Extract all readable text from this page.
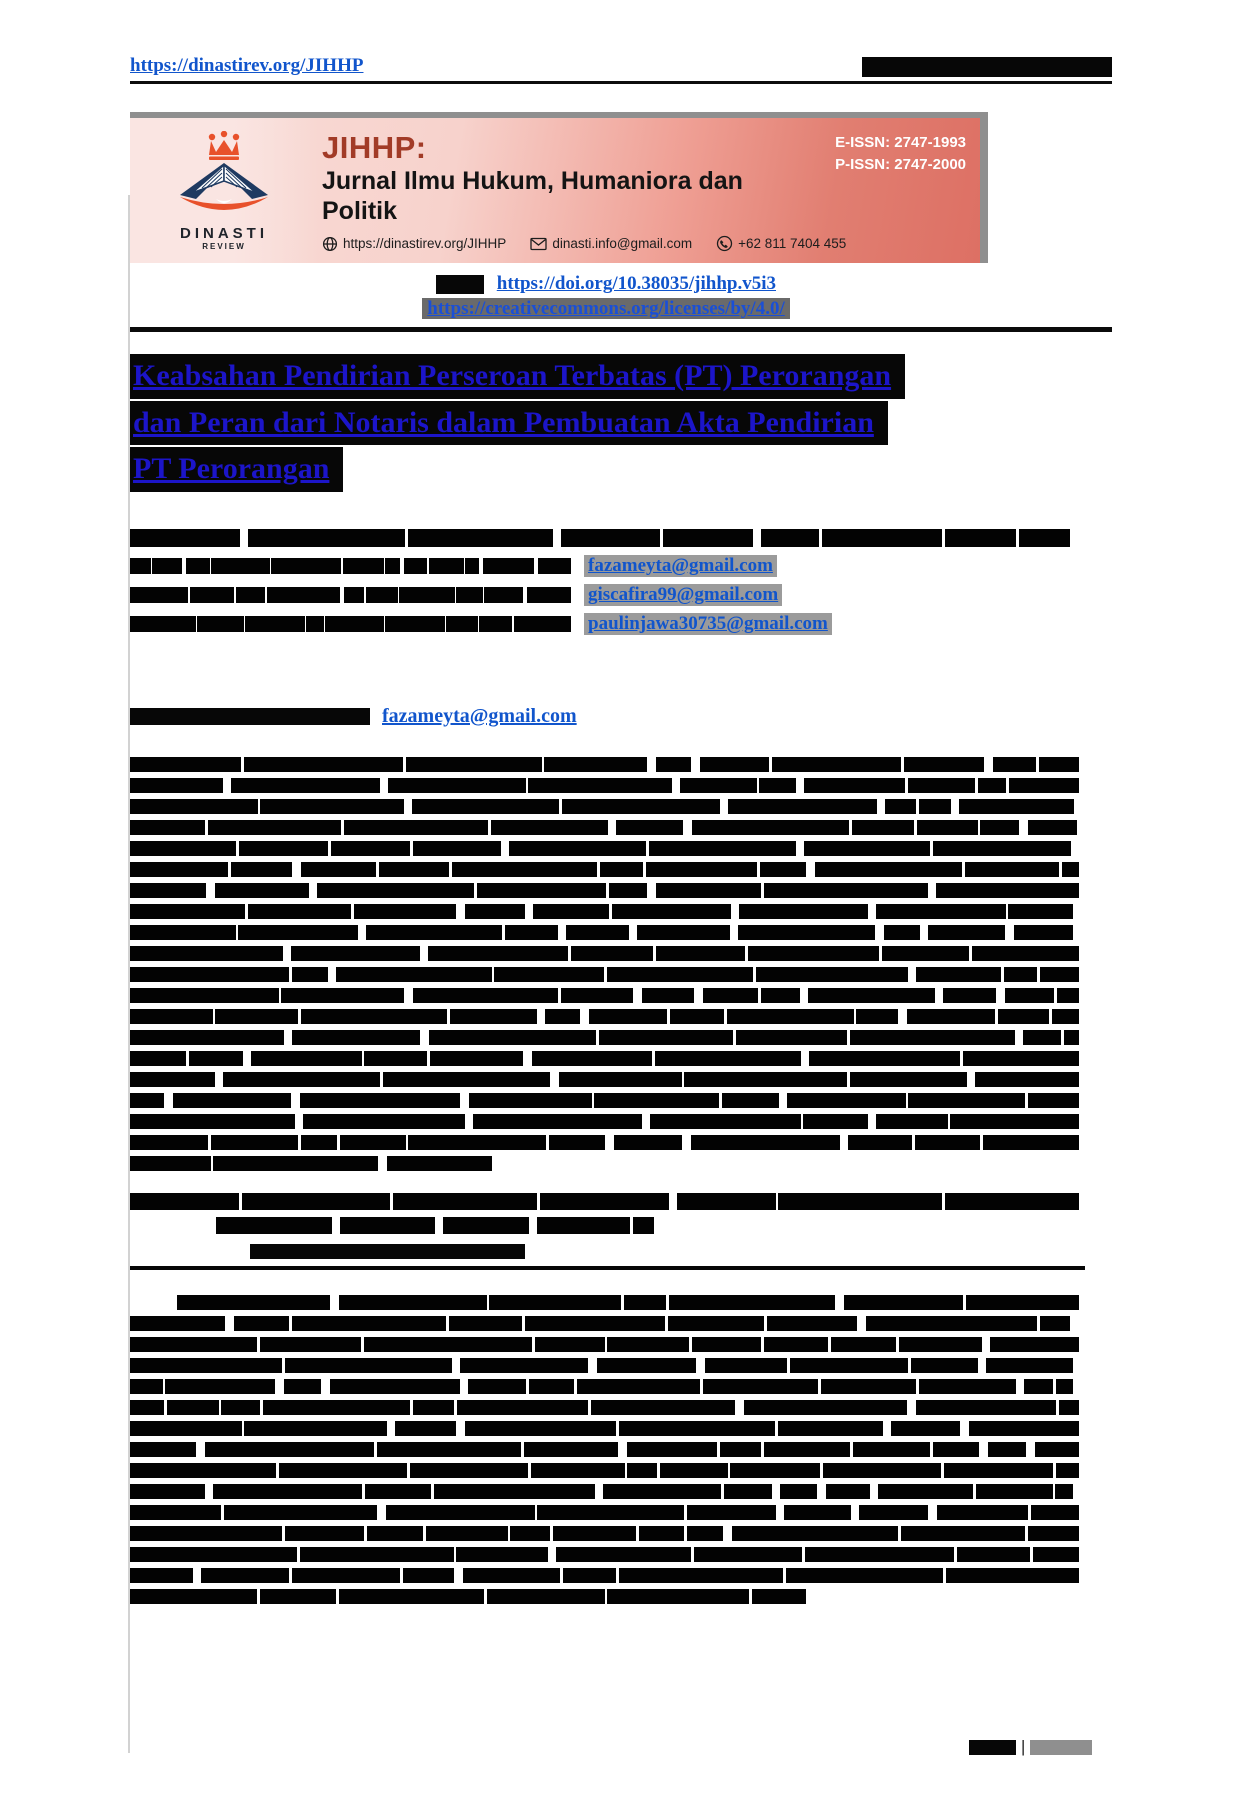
https://dinastirev.org/JIHHP
DINASTI
REVIEW
JIHHP:
Jurnal Ilmu Hukum, Humaniora dan
Politik
https://dinastirev.org/JIHHP	dinasti.info@gmail.com	+62 811 7404 455
E-ISSN: 2747-1993
P-ISSN: 2747-2000
https://doi.org/10.38035/jihhp.v5i3
https://creativecommons.org/licenses/by/4.0/
Keabsahan Pendirian Perseroan Terbatas (PT) Perorangan
dan Peran dari Notaris dalam Pembuatan Akta Pendirian
PT Perorangan
fazameyta@gmail.com
giscafira99@gmail.com
paulinjawa30735@gmail.com
fazameyta@gmail.com
|
